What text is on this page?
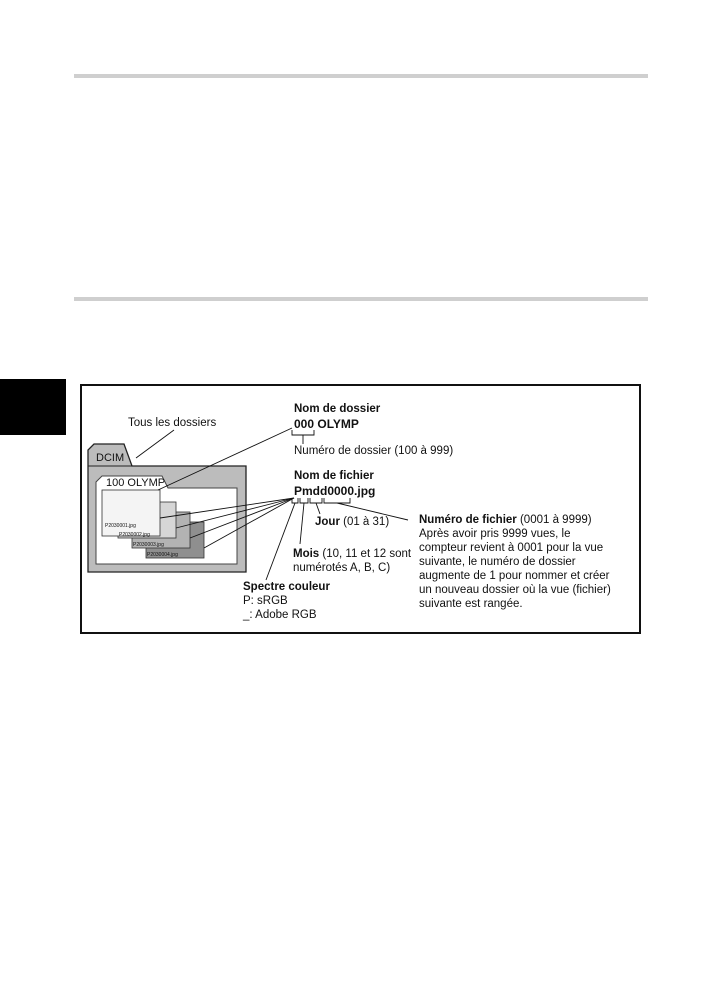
DCIM
100 OLYMP
P2030001.jpg
P2030002.jpg
P2030003.jpg
P2030004.jpg
Tous les dossiers
Nom de dossier
000 OLYMP
Numéro de dossier (100 à 999)
Nom de fichier
Pmdd0000.jpg
Jour (01 à 31)
Mois (10, 11 et 12 sont
numérotés A, B, C)
Numéro de fichier (0001 à 9999)
Après avoir pris 9999 vues, le compteur revient à 0001 pour la vue suivante, le numéro de dossier augmente de 1 pour nommer et créer un nouveau dossier où la vue (fichier) suivante est rangée.
Spectre couleur
P: sRGB
_: Adobe RGB
